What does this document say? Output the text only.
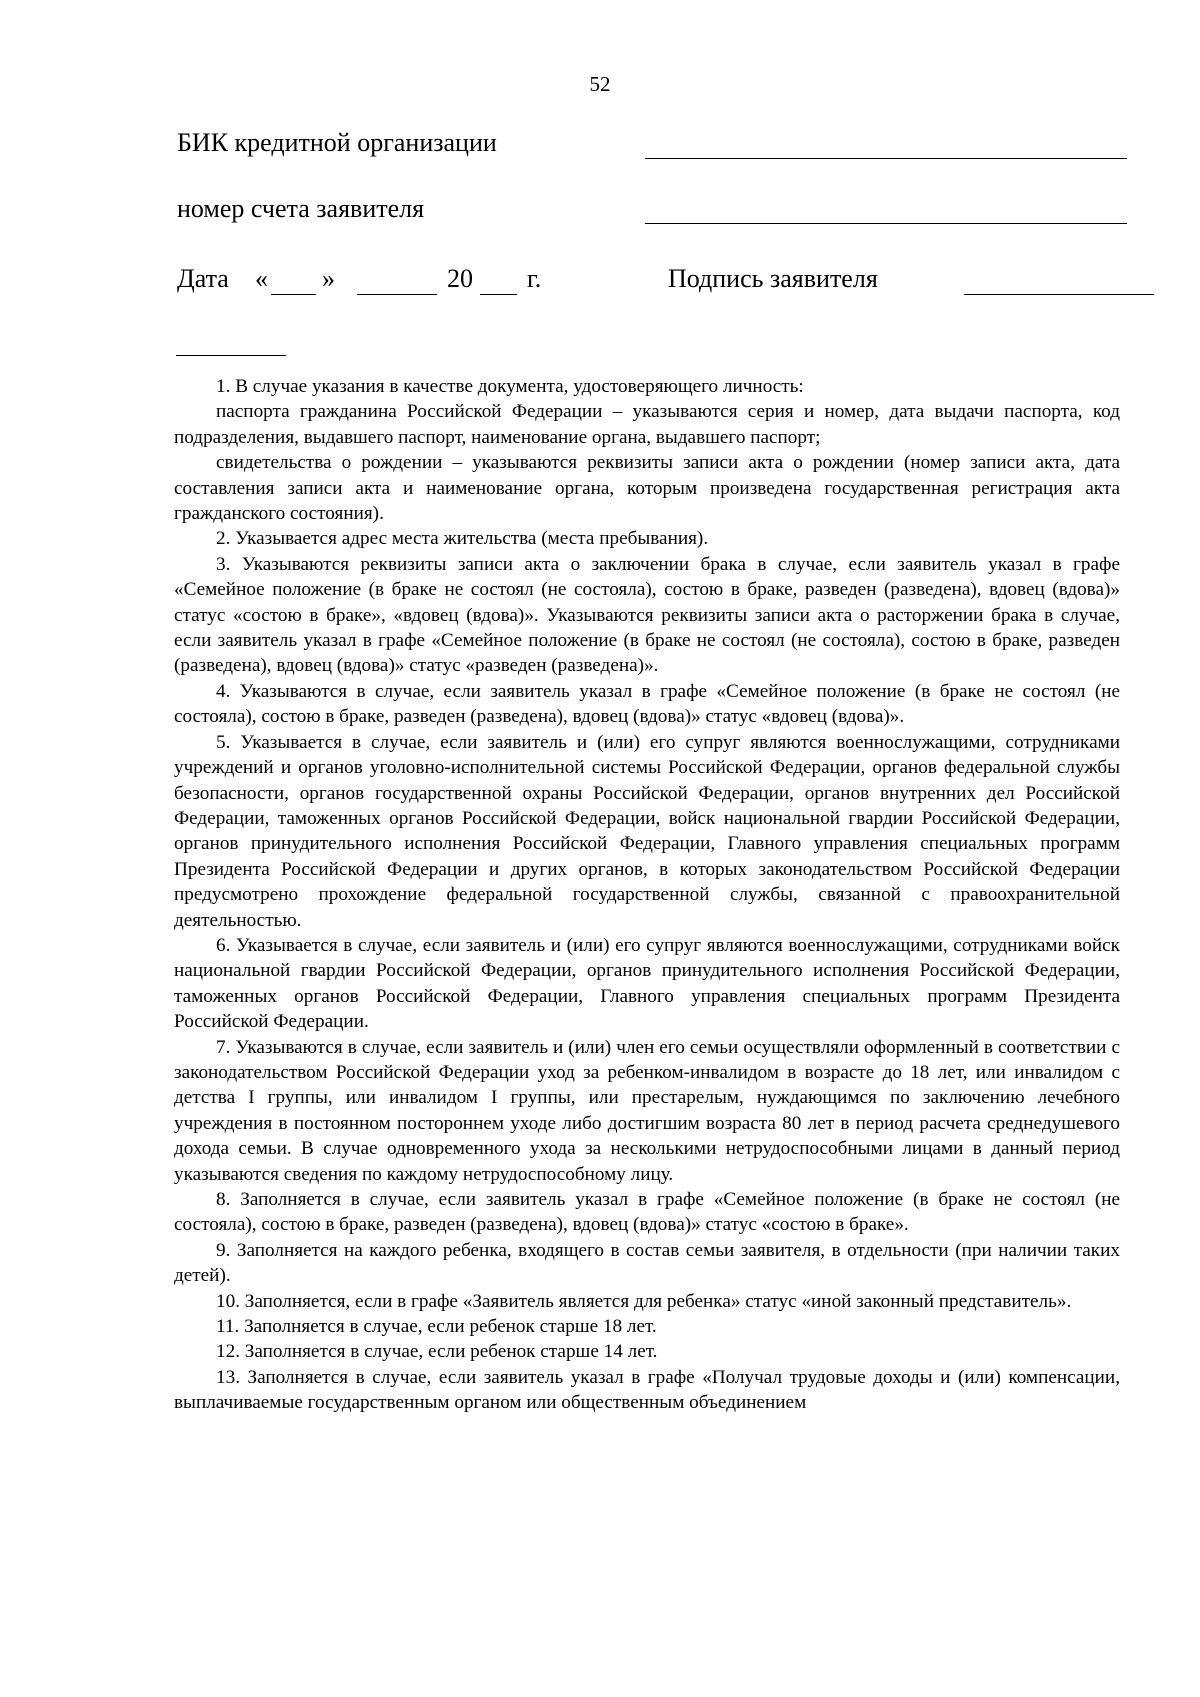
52
БИК кредитной организации
номер счета заявителя
Дата « »	20 г.	Подпись заявителя

1. В случае указания в качестве документа, удостоверяющего личность:

паспорта гражданина Российской Федерации – указываются серия и номер, дата выдачи паспорта, код подразделения, выдавшего паспорт, наименование органа, выдавшего паспорт;

свидетельства о рождении – указываются реквизиты записи акта о рождении (номер записи акта, дата составления записи акта и наименование органа, которым произведена государственная регистрация акта гражданского состояния).

2. Указывается адрес места жительства (места пребывания).

3. Указываются реквизиты записи акта о заключении брака в случае, если заявитель указал в графе «Семейное положение (в браке не состоял (не состояла), состою в браке, разведен (разведена), вдовец (вдова)» статус «состою в браке», «вдовец (вдова)». Указываются реквизиты записи акта о расторжении брака в случае, если заявитель указал в графе «Семейное положение (в браке не состоял (не состояла), состою в браке, разведен (разведена), вдовец (вдова)» статус «разведен (разведена)».

4. Указываются в случае, если заявитель указал в графе «Семейное положение (в браке не состоял (не состояла), состою в браке, разведен (разведена), вдовец (вдова)» статус «вдовец (вдова)».

5. Указывается в случае, если заявитель и (или) его супруг являются военнослужащими, сотрудниками учреждений и органов уголовно-исполнительной системы Российской Федерации, органов федеральной службы безопасности, органов государственной охраны Российской Федерации, органов внутренних дел Российской Федерации, таможенных органов Российской Федерации, войск национальной гвардии Российской Федерации, органов принудительного исполнения Российской Федерации, Главного управления специальных программ Президента Российской Федерации и других органов, в которых законодательством Российской Федерации предусмотрено прохождение федеральной государственной службы, связанной с правоохранительной деятельностью.

6. Указывается в случае, если заявитель и (или) его супруг являются военнослужащими, сотрудниками войск национальной гвардии Российской Федерации, органов принудительного исполнения Российской Федерации, таможенных органов Российской Федерации, Главного управления специальных программ Президента Российской Федерации.

7. Указываются в случае, если заявитель и (или) член его семьи осуществляли оформленный в соответствии с законодательством Российской Федерации уход за ребенком-инвалидом в возрасте до 18 лет, или инвалидом с детства I группы, или инвалидом I группы, или престарелым, нуждающимся по заключению лечебного учреждения в постоянном постороннем уходе либо достигшим возраста 80 лет в период расчета среднедушевого дохода семьи. В случае одновременного ухода за несколькими нетрудоспособными лицами в данный период указываются сведения по каждому нетрудоспособному лицу.

8. Заполняется в случае, если заявитель указал в графе «Семейное положение (в браке не состоял (не состояла), состою в браке, разведен (разведена), вдовец (вдова)» статус «состою в браке».

9. Заполняется на каждого ребенка, входящего в состав семьи заявителя, в отдельности (при наличии таких детей).

10. Заполняется, если в графе «Заявитель является для ребенка» статус «иной законный представитель».

11. Заполняется в случае, если ребенок старше 18 лет.

12. Заполняется в случае, если ребенок старше 14 лет.

13. Заполняется в случае, если заявитель указал в графе «Получал трудовые доходы и (или) компенсации, выплачиваемые государственным органом или общественным объединением
